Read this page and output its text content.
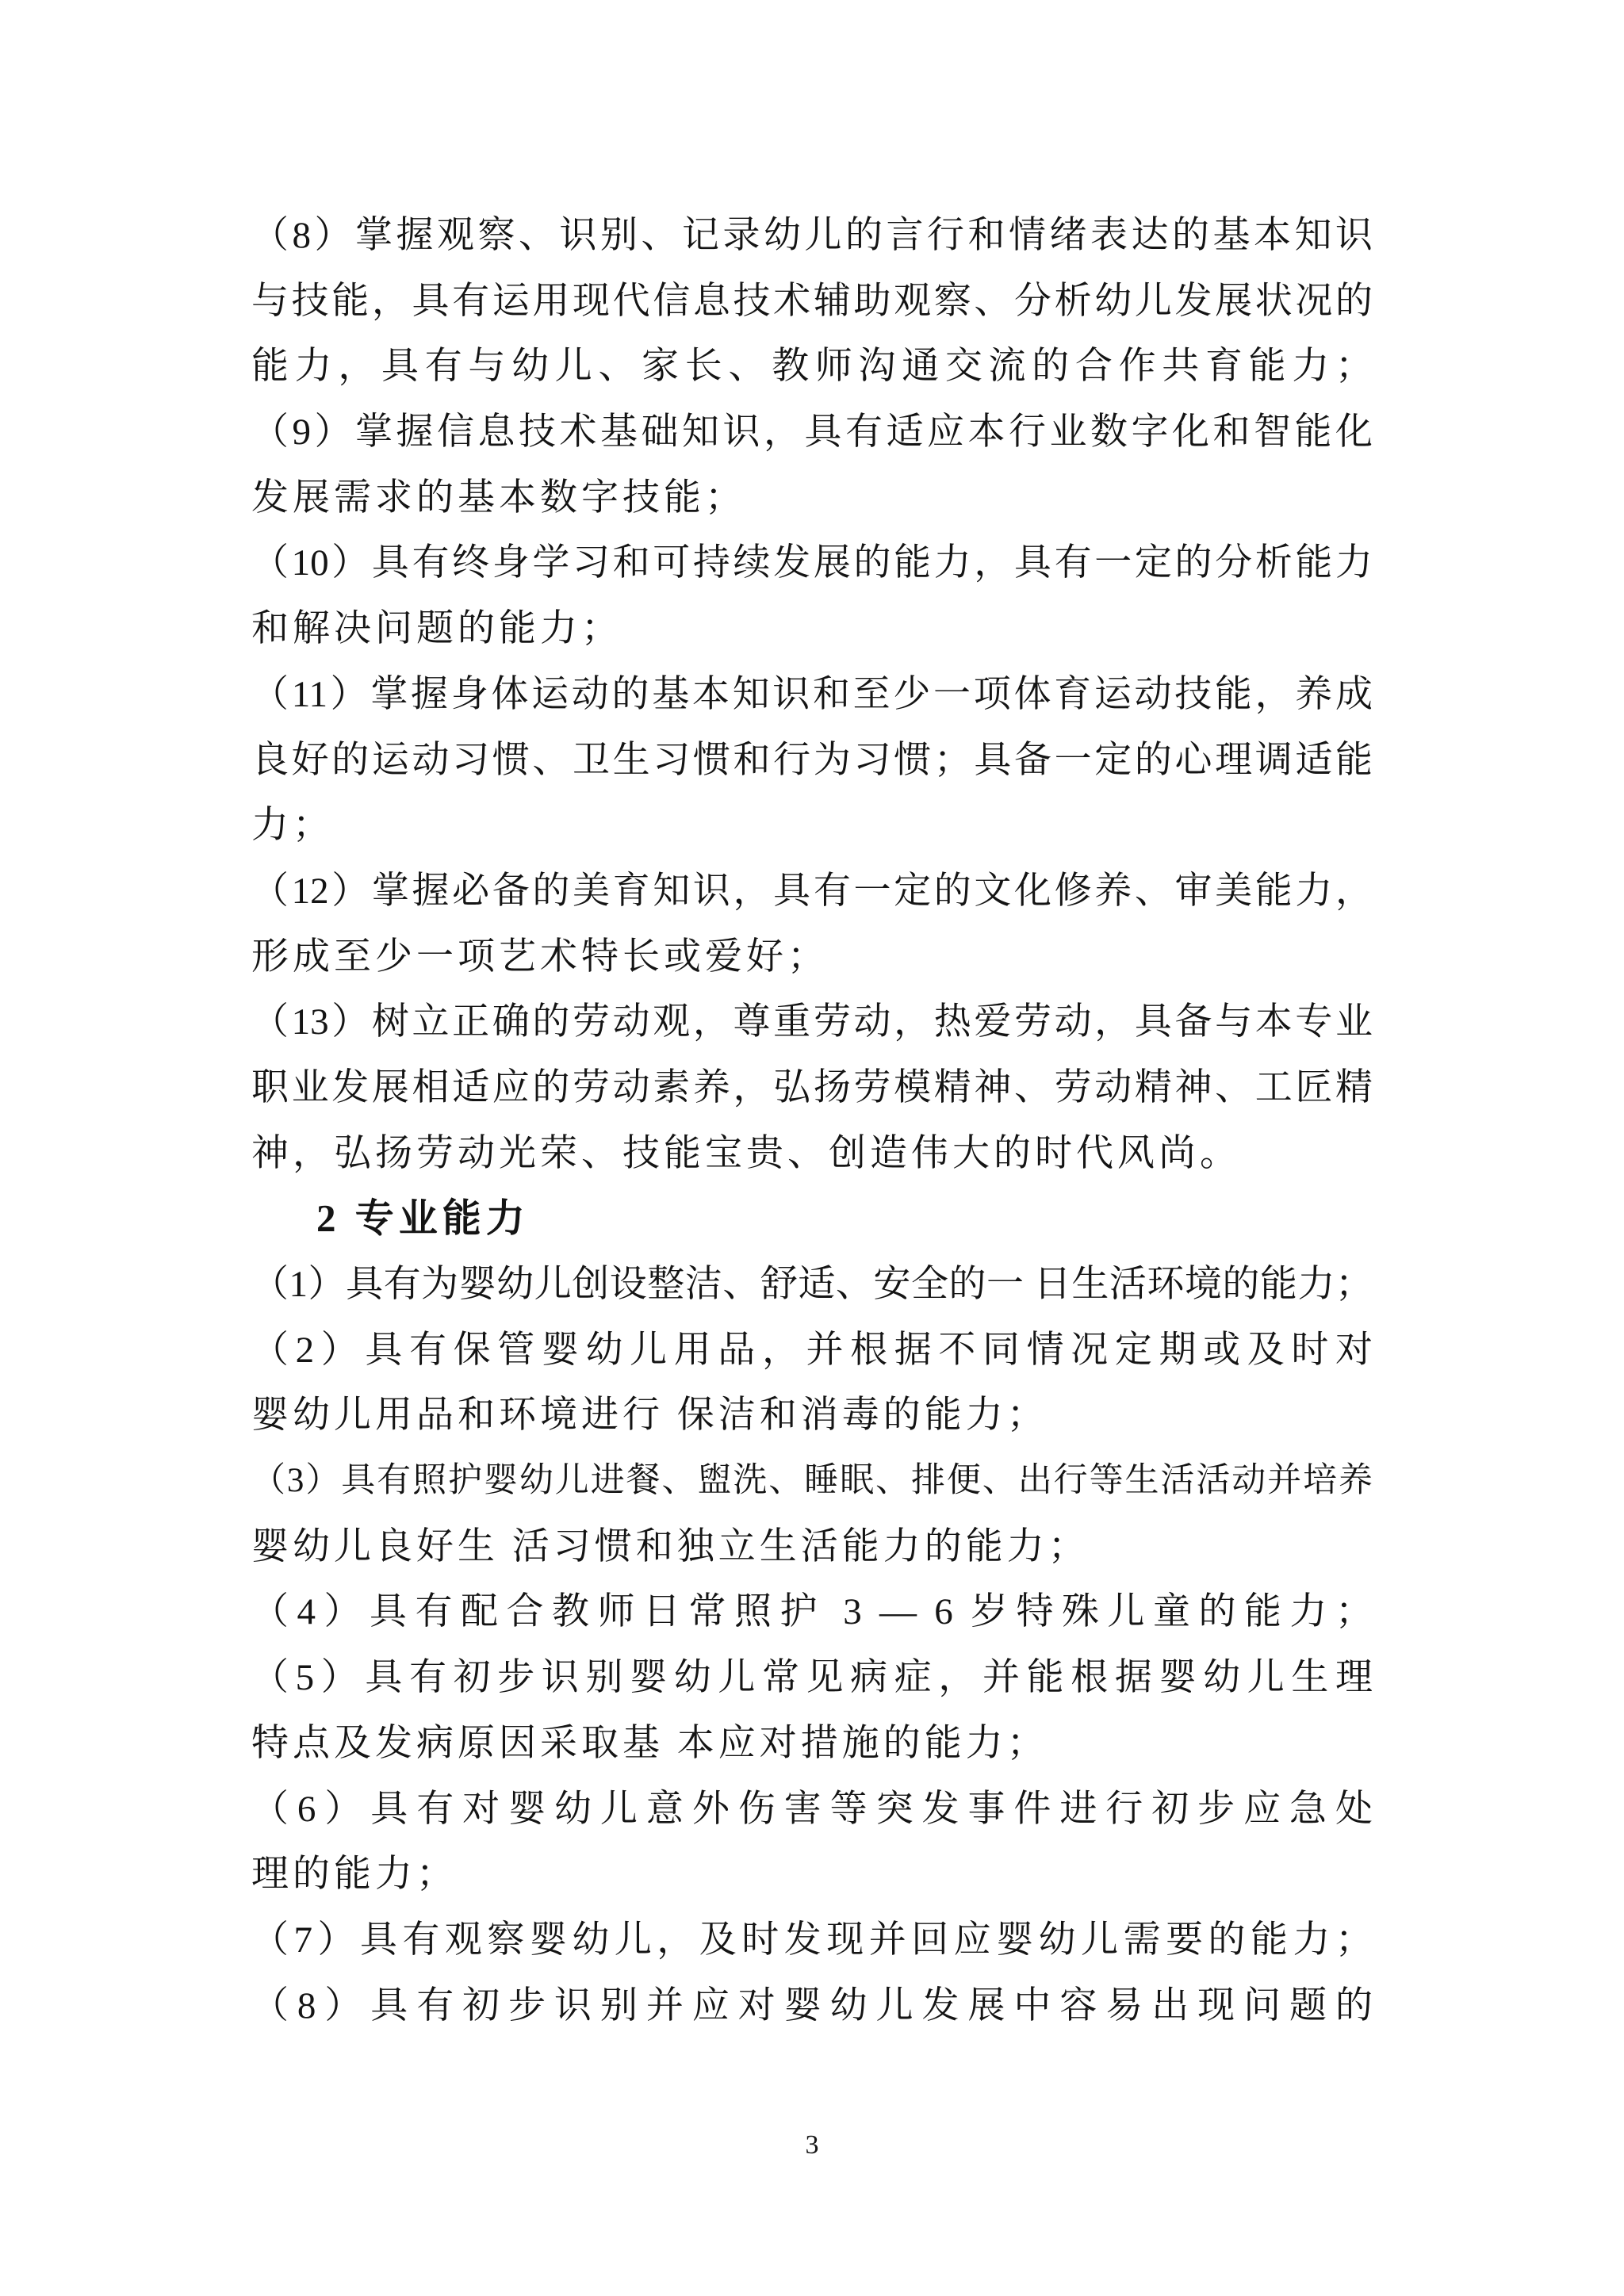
（8）掌握观察、识别、记录幼儿的言行和情绪表达的基本知识
与技能，具有运用现代信息技术辅助观察、分析幼儿发展状况的
能力，具有与幼儿、家长、教师沟通交流的合作共育能力；
（9）掌握信息技术基础知识，具有适应本行业数字化和智能化
发展需求的基本数字技能；
（10）具有终身学习和可持续发展的能力，具有一定的分析能力
和解决问题的能力；
（11）掌握身体运动的基本知识和至少一项体育运动技能，养成
良好的运动习惯、卫生习惯和行为习惯；具备一定的心理调适能
力；
（12）掌握必备的美育知识，具有一定的文化修养、审美能力，
形成至少一项艺术特长或爱好；
（13）树立正确的劳动观，尊重劳动，热爱劳动，具备与本专业
职业发展相适应的劳动素养，弘扬劳模精神、劳动精神、工匠精
神，弘扬劳动光荣、技能宝贵、创造伟大的时代风尚。
2 专业能力
（1）具有为婴幼儿创设整洁、舒适、安全的一 日生活环境的能力；
（2）具有保管婴幼儿用品，并根据不同情况定期或及时对
婴幼儿用品和环境进行 保洁和消毒的能力；
（3）具有照护婴幼儿进餐、盥洗、睡眠、排便、出行等生活活动并培养
婴幼儿良好生 活习惯和独立生活能力的能力；
（4）具有配合教师日常照护 3 — 6 岁特殊儿童的能力；
（5）具有初步识别婴幼儿常见病症，并能根据婴幼儿生理
特点及发病原因采取基 本应对措施的能力；
（6）具有对婴幼儿意外伤害等突发事件进行初步应急处
理的能力；
（7）具有观察婴幼儿，及时发现并回应婴幼儿需要的能力；
（8）具有初步识别并应对婴幼儿发展中容易出现问题的
3
